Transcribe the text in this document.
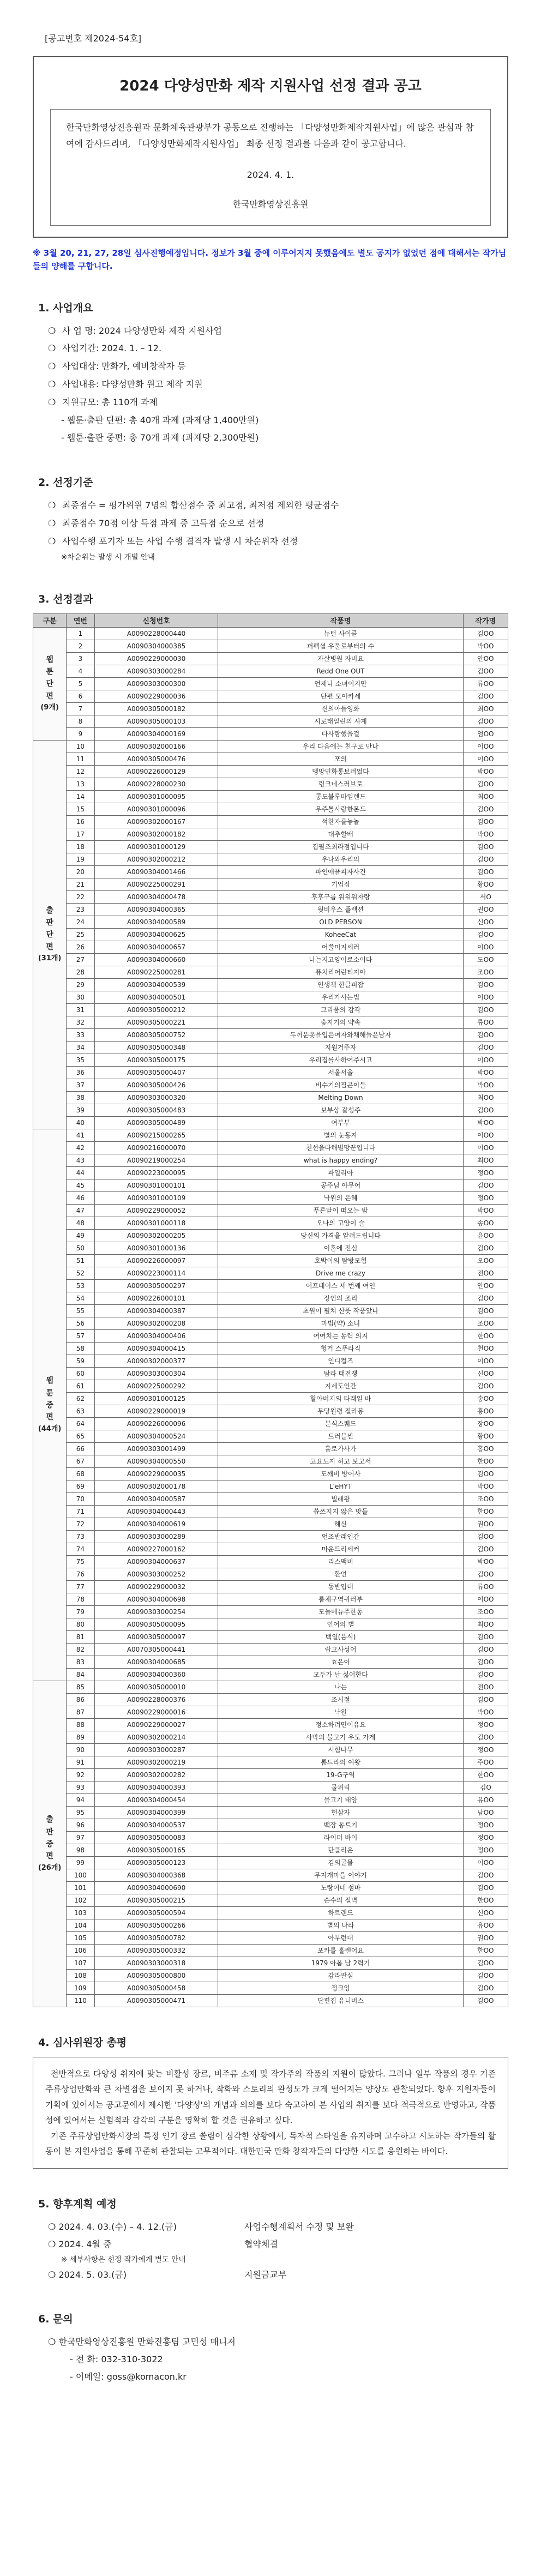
[공고번호 제2024-54호]
2024 다양성만화 제작 지원사업 선정 결과 공고
한국만화영상진흥원과 문화체육관광부가 공동으로 진행하는 「다양성만화제작지원사업」에 많은 관심과 참여에 감사드리며, 「다양성만화제작지원사업」 최종 선정 결과를 다음과 같이 공고합니다.
2024. 4. 1.
한국만화영상진흥원
※ 3월 20, 21, 27, 28일 심사진행예정입니다. 정보가 3월 중에 이루어지지 못했음에도 별도 공지가 없었던 점에 대해서는 작가님들의 양해를 구합니다.
1. 사업개요
❍ 사 업 명: 2024 다양성만화 제작 지원사업
❍ 사업기간: 2024. 1. – 12.
❍ 사업대상: 만화가, 예비창작자 등
❍ 사업내용: 다양성만화 원고 제작 지원
❍ 지원규모: 총 110개 과제
- 웹툰·출판 단편: 총 40개 과제 (과제당 1,400만원)
- 웹툰·출판 중편: 총 70개 과제 (과제당 2,300만원)
2. 선정기준
❍ 최종점수 = 평가위원 7명의 합산점수 중 최고점, 최저점 제외한 평균점수
❍ 최종점수 70점 이상 득점 과제 중 고득점 순으로 선정
❍ 사업수행 포기자 또는 사업 수행 결격자 발생 시 차순위자 선정
※차순위는 발생 시 개별 안내
3. 선정결과
구분	연번	신청번호	작품명	작가명

웹
툰
단
편
(9개)	1	A0090228000440	뉴턴 사이클	김OO
	2	A0090304000385	퍼펙셜 우물로부터의 수	박OO
	3	A0090229000030	자살병원 자비요	안OO
	4	A0090303000284	Redd One OUT	김OO
	5	A0090303000300	언제나 소녀이지만	류OO
	6	A0090229000036	단편 모아카세	김OO
	7	A0090305000182	신의아들영화	최OO
	8	A0090305000103	시로태일린의 사계	김OO
	9	A0090304000169	다사랑했을걸	엄OO

출
판
단
편
(31개)	10	A0090302000166	우리 다음에는 친구로 만나	이OO
	11	A0090305000476	포의	이OO
	12	A0090226000129	멩망민화통보려었다	박OO
	13	A0090228000230	링크네스러브로	김OO
	14	A0090301000095	콩도블루마일렌드	최OO
	15	A0090301000096	우주톨사랑한몬드	김OO
	16	A0090302000167	석한자를놓놀	김OO
	17	A0090302000182	대추할배	박OO
	18	A0090301000129	집필조최라점입니다	김OO
	19	A0090302000212	우나와우리의	김OO
	20	A0090304001466	파인애플피자사건	김OO
	21	A0090225000291	기업집	황OO
	22	A0090304000478	후후구름 워워워자랑	서O
	23	A0090304000365	윗비우스 플렉션	권OO
	24	A0090304000589	OLD PERSON	신OO
	25	A0090304000625	KoheeCat	김OO
	26	A0090304000657	어쭐미지세러	이OO
	27	A0090304000660	나는지고양이로소이다	도OO
	28	A0090225000281	퓨처리어린티지아	조OO
	29	A0090304000539	인생책 한글퍼잡	김OO
	30	A0090304000501	우리가사는법	이OO
	31	A0090305000212	그리움의 감각	김OO
	32	A0090305000221	숲지기의 약속	류OO
	33	A0080305000752	두꺼운옷을입은여자와채해들은남자	김OO
	34	A0090305000348	지원거주자	김OO
	35	A0090305000175	우리집를사하여주시고	이OO
	36	A0090305000407	서울서울	박OO
	37	A0090305000426	비수기의필곤이들	박OO
	38	A0090303000320	Melting Down	최OO
	39	A0090305000483	보부상 갈성주	김OO
	40	A0090305000489	여부부	박OO

웹
툰
중
편
(44개)	41	A0090215000265	별의 눈동자	이OO
	42	A0090216000070	천선을다해별망꾼입니다	이OO
	43	A0090219000254	what is happy ending?	최OO
	44	A0090223000095	파일리아	정OO
	45	A0090301000101	공주님 아무어	김OO
	46	A0090301000109	낙원의 은혜	정OO
	47	A0090229000052	푸른달이 떠오는 밤	박OO
	48	A0090301000118	오나의 고양이 슬	송OO
	49	A0090302000205	당신의 가격을 알려드립니다	윤OO
	50	A0090301000136	이혼에 진심	김OO
	51	A0090226000097	호박이의 탐방모험	오OO
	52	A0090223000114	Drive me crazy	전OO
	53	A0090305000297	어프테이스 세 번째 여인	안OO
	54	A0090226000101	장인의 조리	김OO
	55	A0090304000387	초원이 펼쳐 산뜻 작품았나	김OO
	56	A0090302000208	마법(약) 소녀	조OO
	57	A0090304000406	여여치는 동력 의지	한OO
	58	A0090304000415	헝거 스푸라직	천OO
	59	A0090302000377	인디컬즈	이OO
	60	A0090303000304	탐라 태전쟁	신OO
	61	A0090225000292	지세도인간	김OO
	62	A0090301000125	할아버지의 타래일 바	송OO
	63	A0090229000019	무당원령 절라봉	홍OO
	64	A0090226000096	분식스퀘드	장OO
	65	A0090304000524	트러블씬	황OO
	66	A0090303001499	홀로가사가	홍OO
	67	A0090304000550	고요도지 허고 보고서	한OO
	68	A0090229000035	도깨비 방어사	김OO
	69	A0090302000178	L'eHYT	박OO
	70	A0090304000587	빌래왕	조OO
	71	A0090304000443	씁쓰지지 않은 맛들	한OO
	72	A0090304000619	해신	권OO
	73	A0090303000289	언조반래인간	김OO
	74	A0090227000162	마운드리세커	김OO
	75	A0090304000637	리스맥비	박OO
	76	A0090303000252	환연	김OO
	77	A0090229000032	동반입대	류OO
	78	A0090304000698	룸채구역귀러부	이OO
	79	A0090303000254	모놀메뉴주한동	조OO
	80	A0090305000095	인어의 별	최OO
	81	A0090305000097	백일(음식)	김OO
	82	A0070305000441	랍고사성어	김OO
	83	A0090304000685	효은이	김OO
	84	A0090304000360	모두가 날 싫어한다	김OO

출
판
중
편
(26개)	85	A0090305000010	나는	전OO
	86	A0090228000376	조시절	김OO
	87	A0090229000016	낙원	박OO
	88	A0090229000027	정소하려면이유요	정OO
	89	A0090302000214	사막의 불고기 우도 가게	김OO
	90	A0090303000287	시험나무	정OO
	91	A0090302000219	톰드라의 여왕	주OO
	92	A0090302000282	19-G구역	한OO
	93	A0090304000393	물위릭	김O
	94	A0090304000454	물고기 태양	유OO
	95	A0090304000399	헌삼자	남OO
	96	A0090304000537	백장 동트기	정OO
	97	A0090305000083	라이더 바이	정OO
	98	A0090305000165	단클리온	정OO
	99	A0090305000123	김의굴물	이OO
	100	A0090304000368	무지개마을 이야기	김OO
	101	A0090304000690	노랑어네 섬마	김OO
	102	A0090305000215	순수의 절벽	한OO
	103	A0090305000594	하트랜드	신OO
	104	A0090305000266	별의 나라	유OO
	105	A0090305000782	아무런대	권OO
	106	A0090305000332	포카를 홀렌어요	한OO
	107	A0090303000318	1979 아폼 남 2력기	김OO
	108	A0090305000800	감라판실	김OO
	109	A0090305000458	정크잉	김OO
	110	A0090305000471	단편집 유니버스	김OO
4. 심사위원장 총평

전반적으로 다양성 취지에 맞는 비활성 장르, 비주류 소재 및 작가주의 작품의 지원이 많았다. 그러나 일부 작품의 경우 기존 주류상업만화와 큰 차별점을 보이지 못 하거나, 작화와 스토리의 완성도가 크게 떨어지는 양상도 관찰되었다. 향후 지원자들이 기획에 있어서는 공고문에서 제시한 '다양성'의 개념과 의의를 보다 숙고하여 본 사업의 취지를 보다 적극적으로 반영하고, 작품성에 있어서는 실험적과 감각의 구분을 명확히 할 것을 권유하고 싶다.

기존 주류상업만화시장의 특정 인기 장르 쏠림이 심각한 상황에서, 독자적 스타일을 유지하며 고수하고 시도하는 작가들의 활동이 본 지원사업을 통해 꾸준히 관찰되는 고무적이다. 대한민국 만화 창작자들의 다양한 시도를 응원하는 바이다.

5. 향후계획 예정
❍ 2024. 4. 03.(수) – 4. 12.(금)	사업수행계획서 수정 및 보완
❍ 2024. 4월 중	협약체결
※ 세부사항은 선정 작가에게 별도 안내
❍ 2024. 5. 03.(금)	지원금교부
6. 문의
❍ 한국만화영상진흥원 만화진흥팀 고민성 매니저
- 전 화: 032-310-3022
- 이메일: goss@komacon.kr
